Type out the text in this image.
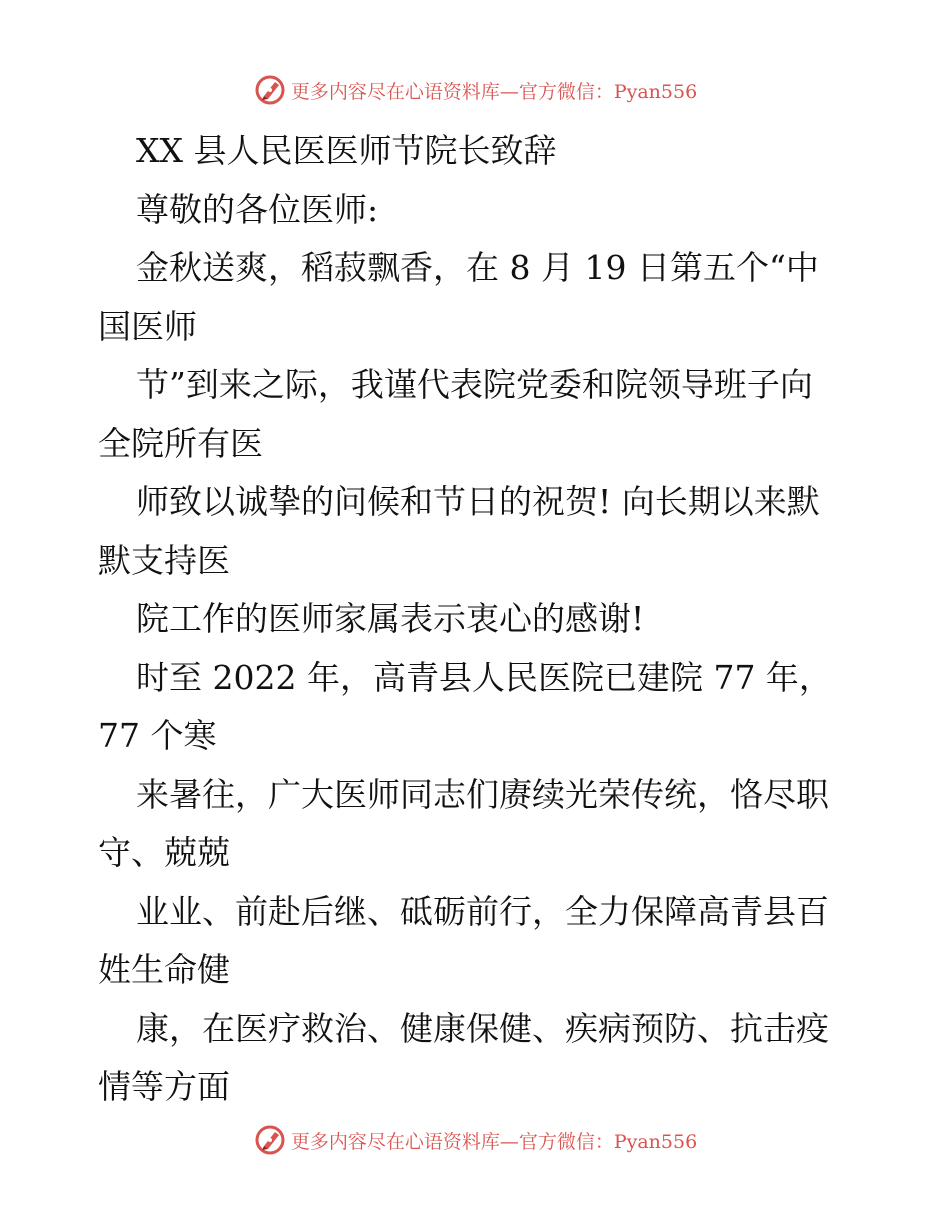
更多内容尽在心语资料库—官方微信：Pyan556
XX 县人民医医师节院长致辞
尊敬的各位医师:
金秋送爽，稻菽飘香，在 8 月 19 日第五个“中
国医师
节”到来之际，我谨代表院党委和院领导班子向
全院所有医
师致以诚挚的问候和节日的祝贺! 向长期以来默
默支持医
院工作的医师家属表示衷心的感谢!
时至 2022 年，高青县人民医院已建院 77 年，
77 个寒
来暑往，广大医师同志们赓续光荣传统，恪尽职
守、兢兢
业业、前赴后继、砥砺前行，全力保障高青县百
姓生命健
康，在医疗救治、健康保健、疾病预防、抗击疫
情等方面
更多内容尽在心语资料库—官方微信：Pyan556
